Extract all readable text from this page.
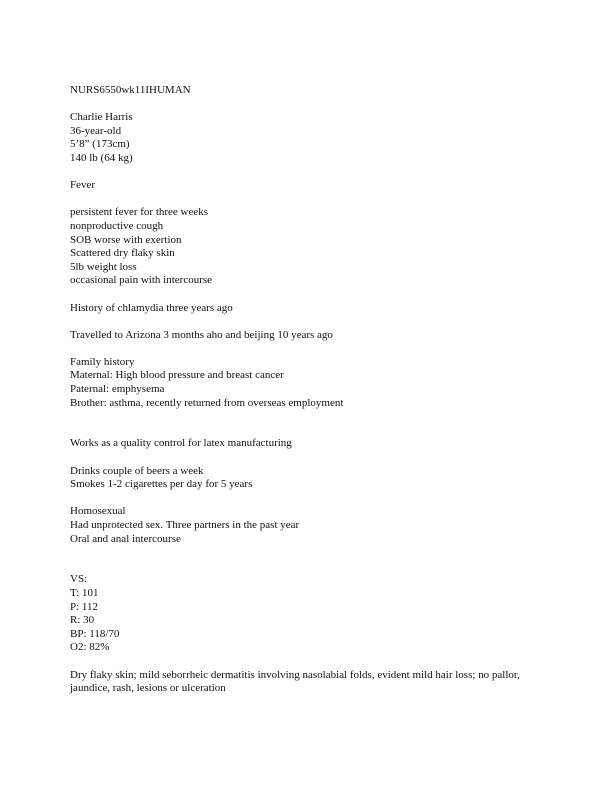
NURS6550wk11IHUMAN
Charlie Harris
36-year-old
5’8” (173cm)
140 lb (64 kg)
Fever
persistent fever for three weeks
nonproductive cough
SOB worse with exertion
Scattered dry flaky skin
5lb weight loss
occasional pain with intercourse
History of chlamydia three years ago
Travelled to Arizona 3 months aho and beijing 10 years ago
Family history
Maternal: High blood pressure and breast cancer
Paternal: emphysema
Brother: asthma, recently returned from overseas employment
Works as a quality control for latex manufacturing
Drinks couple of beers a week
Smokes 1-2 cigarettes per day for 5 years
Homosexual
Had unprotected sex. Three partners in the past year
Oral and anal intercourse
VS:
T: 101
P: 112
R: 30
BP: 118/70
O2: 82%
Dry flaky skin; mild seborrheic dermatitis involving nasolabial folds, evident mild hair loss; no pallor, jaundice, rash, lesions or ulceration
